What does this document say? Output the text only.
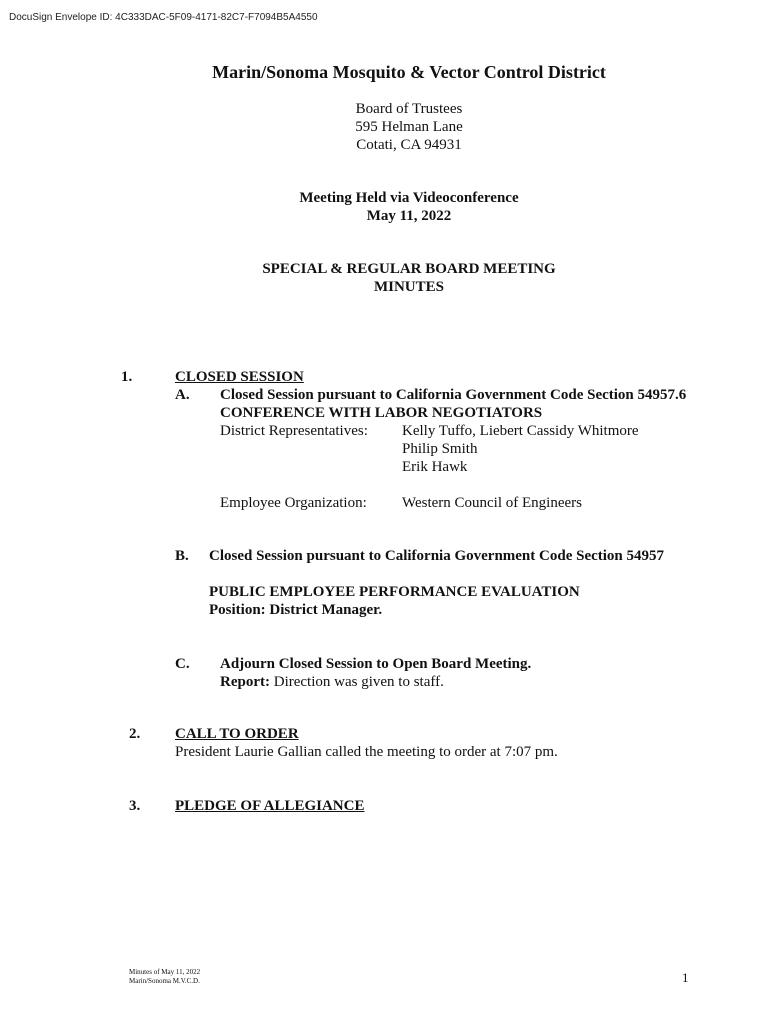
DocuSign Envelope ID: 4C333DAC-5F09-4171-82C7-F7094B5A4550
Marin/Sonoma Mosquito & Vector Control District
Board of Trustees
595 Helman Lane
Cotati, CA 94931
Meeting Held via Videoconference
May 11, 2022
SPECIAL & REGULAR BOARD MEETING
MINUTES
1.	CLOSED SESSION
A. Closed Session pursuant to California Government Code Section 54957.6
CONFERENCE WITH LABOR NEGOTIATORS
District Representatives: Kelly Tuffo, Liebert Cassidy Whitmore
Philip Smith
Erik Hawk
Employee Organization: Western Council of Engineers
B. Closed Session pursuant to California Government Code Section 54957
PUBLIC EMPLOYEE PERFORMANCE EVALUATION
Position: District Manager.
C. Adjourn Closed Session to Open Board Meeting.
Report: Direction was given to staff.
2. CALL TO ORDER
President Laurie Gallian called the meeting to order at 7:07 pm.
3. PLEDGE OF ALLEGIANCE
Minutes of May 11, 2022
Marin/Sonoma M.V.C.D.	1
